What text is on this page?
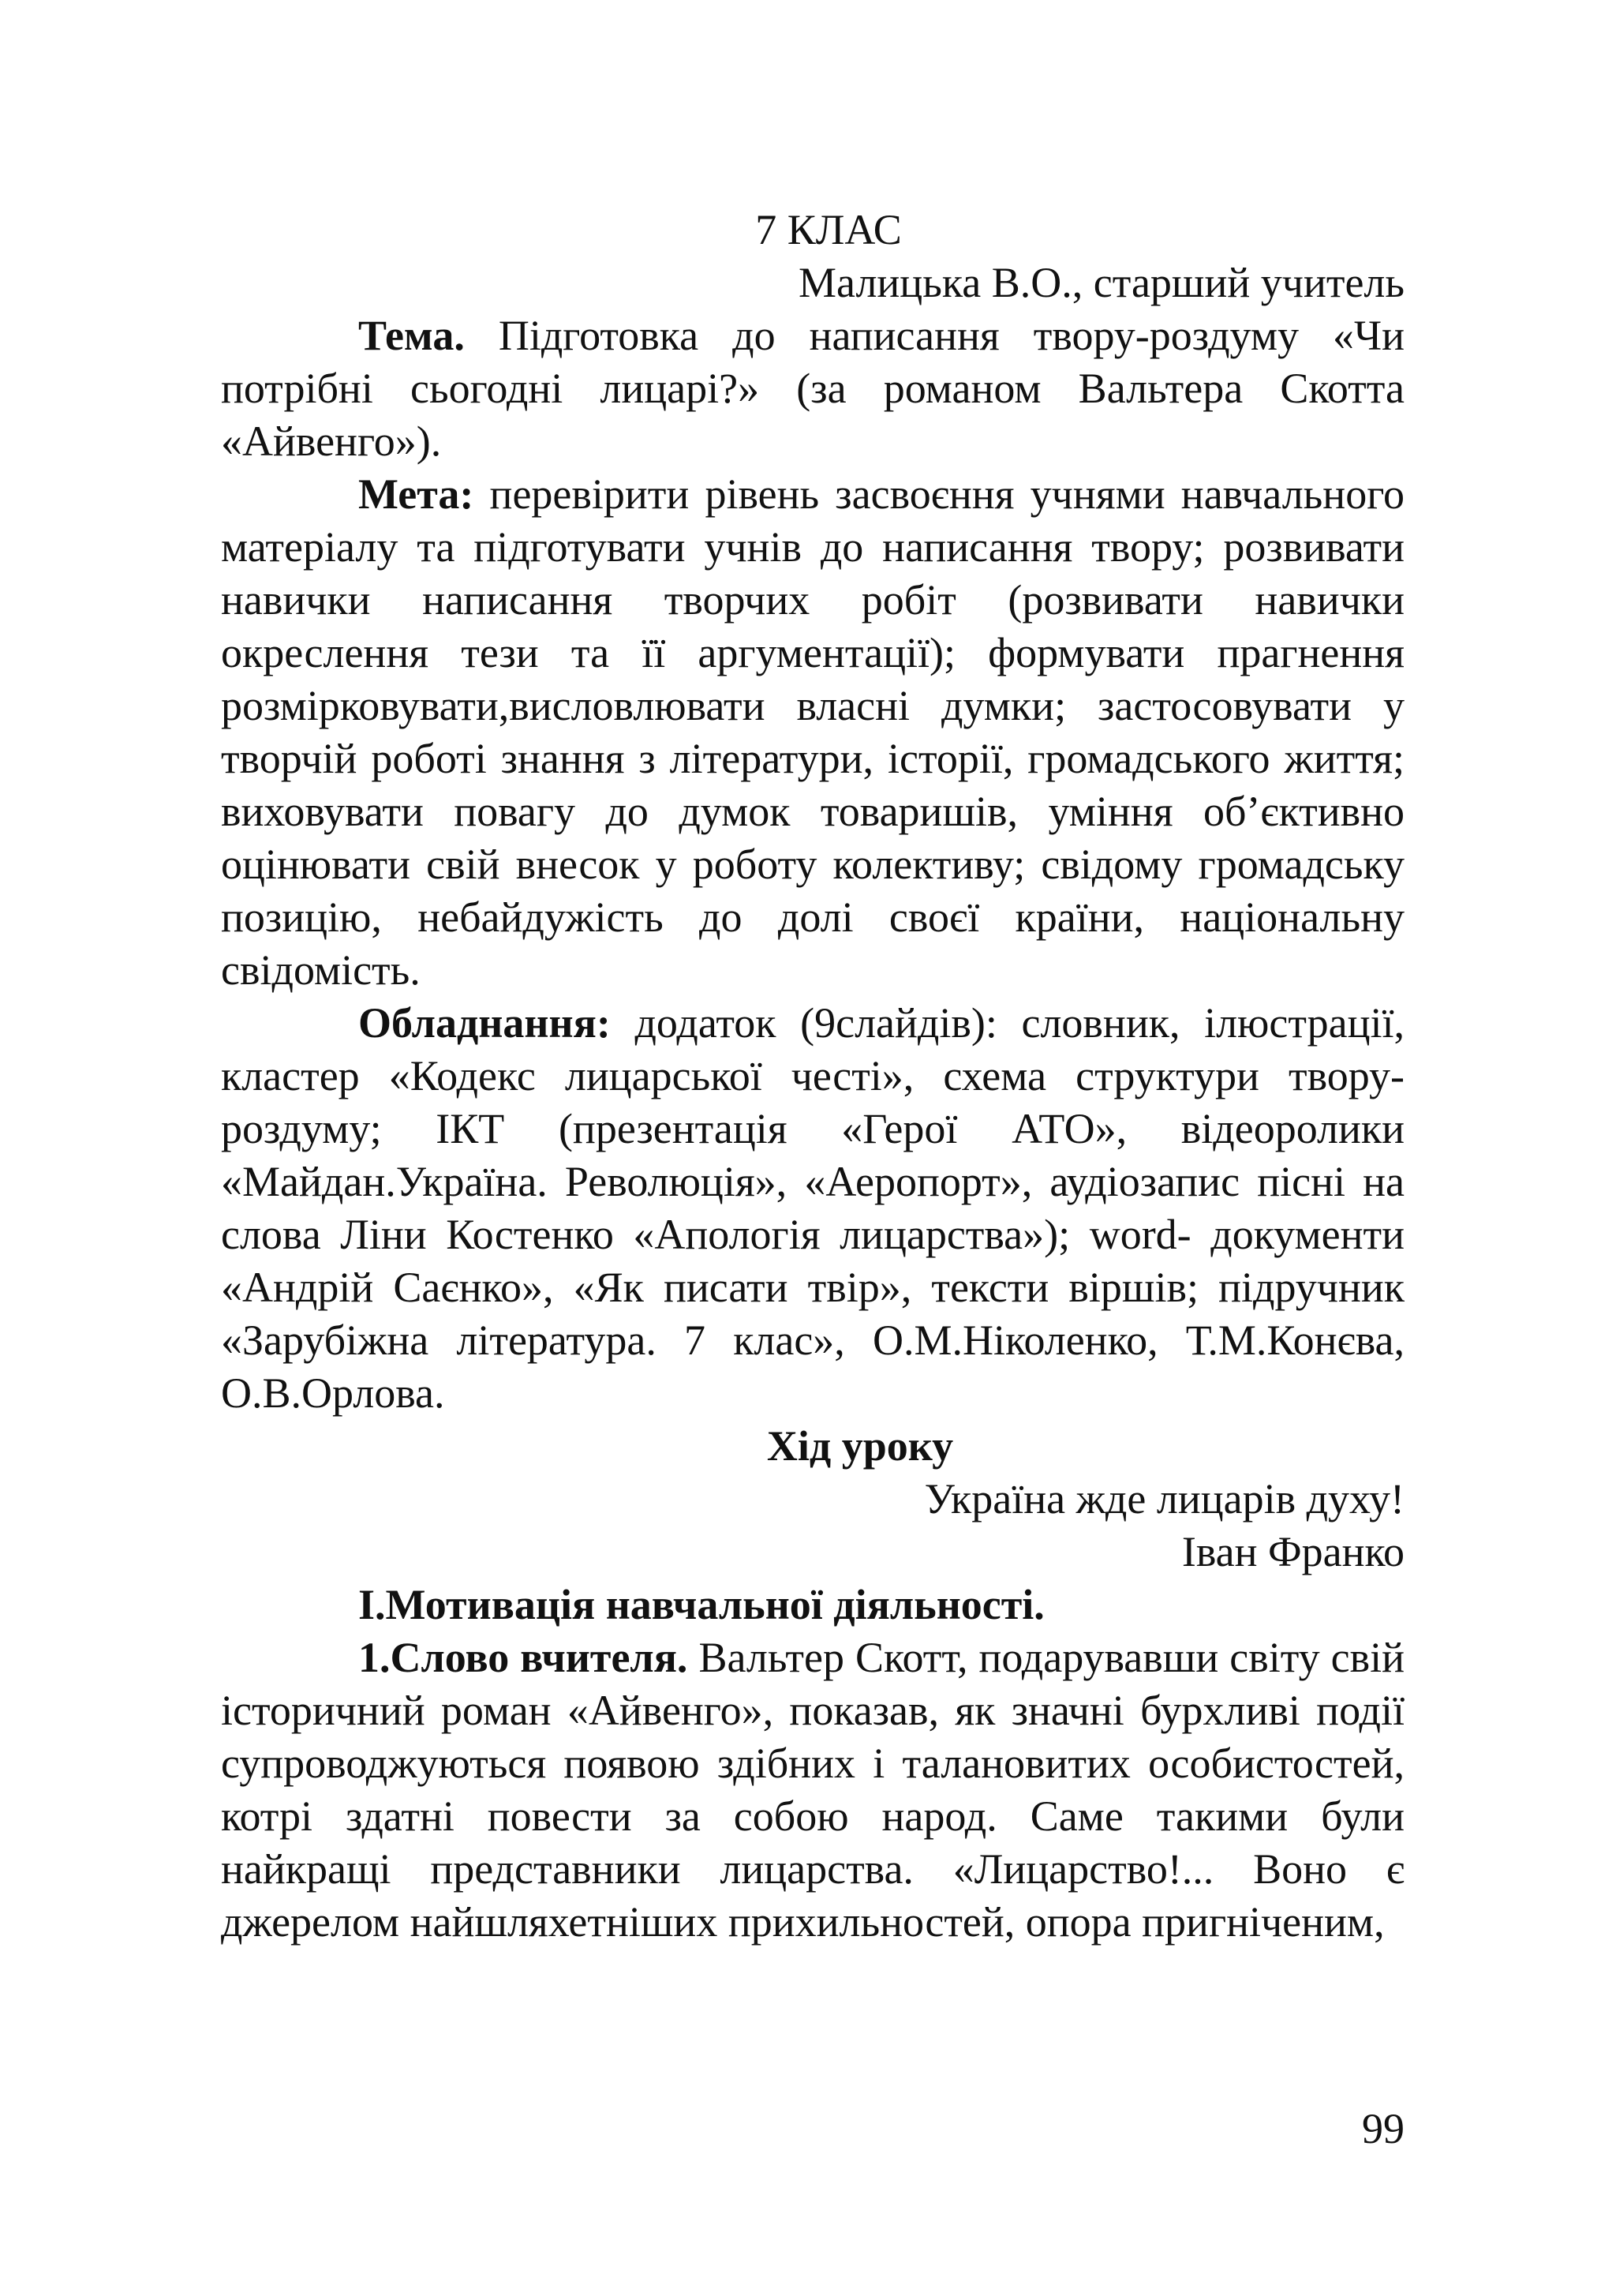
7 КЛАС

Малицька В.О., старший учитель

Тема. Підготовка до написання твору-роздуму «Чи потрібні сьогодні лицарі?» (за романом Вальтера Скотта «Айвенго»).

Мета: перевірити рівень засвоєння учнями навчального матеріалу та підготувати учнів до написання твору; розвивати навички написання творчих робіт (розвивати навички окреслення тези та її аргументації); формувати прагнення розмірковувати,висловлювати власні думки; застосовувати у творчій роботі знання з літератури, історії, громадського життя; виховувати повагу до думок товаришів, уміння об’єктивно оцінювати свій внесок у роботу колективу; свідому громадську позицію, небайдужість до долі своєї країни, національну свідомість.

Обладнання: додаток (9слайдів): словник, ілюстрації, кластер «Кодекс лицарської честі», схема структури твору-роздуму; ІКТ (презентація «Герої АТО», відеоролики «Майдан.Україна. Революція», «Аеропорт», аудіозапис пісні на слова Ліни Костенко «Апологія лицарства»); word- документи «Андрій Саєнко», «Як писати твір», тексти віршів; підручник «Зарубіжна література. 7 клас», О.М.Ніколенко, Т.М.Конєва, О.В.Орлова.

Хід уроку

Україна жде лицарів духу!

Іван Франко

І.Мотивація навчальної діяльності.

1.Слово вчителя. Вальтер Скотт, подарувавши світу свій історичний роман «Айвенго», показав, як значні бурхливі події супроводжуються появою здібних і талановитих особистостей, котрі здатні повести за собою народ. Саме такими були найкращі представники лицарства. «Лицарство!... Воно є джерелом найшляхетніших прихильностей, опора пригніченим,

99
